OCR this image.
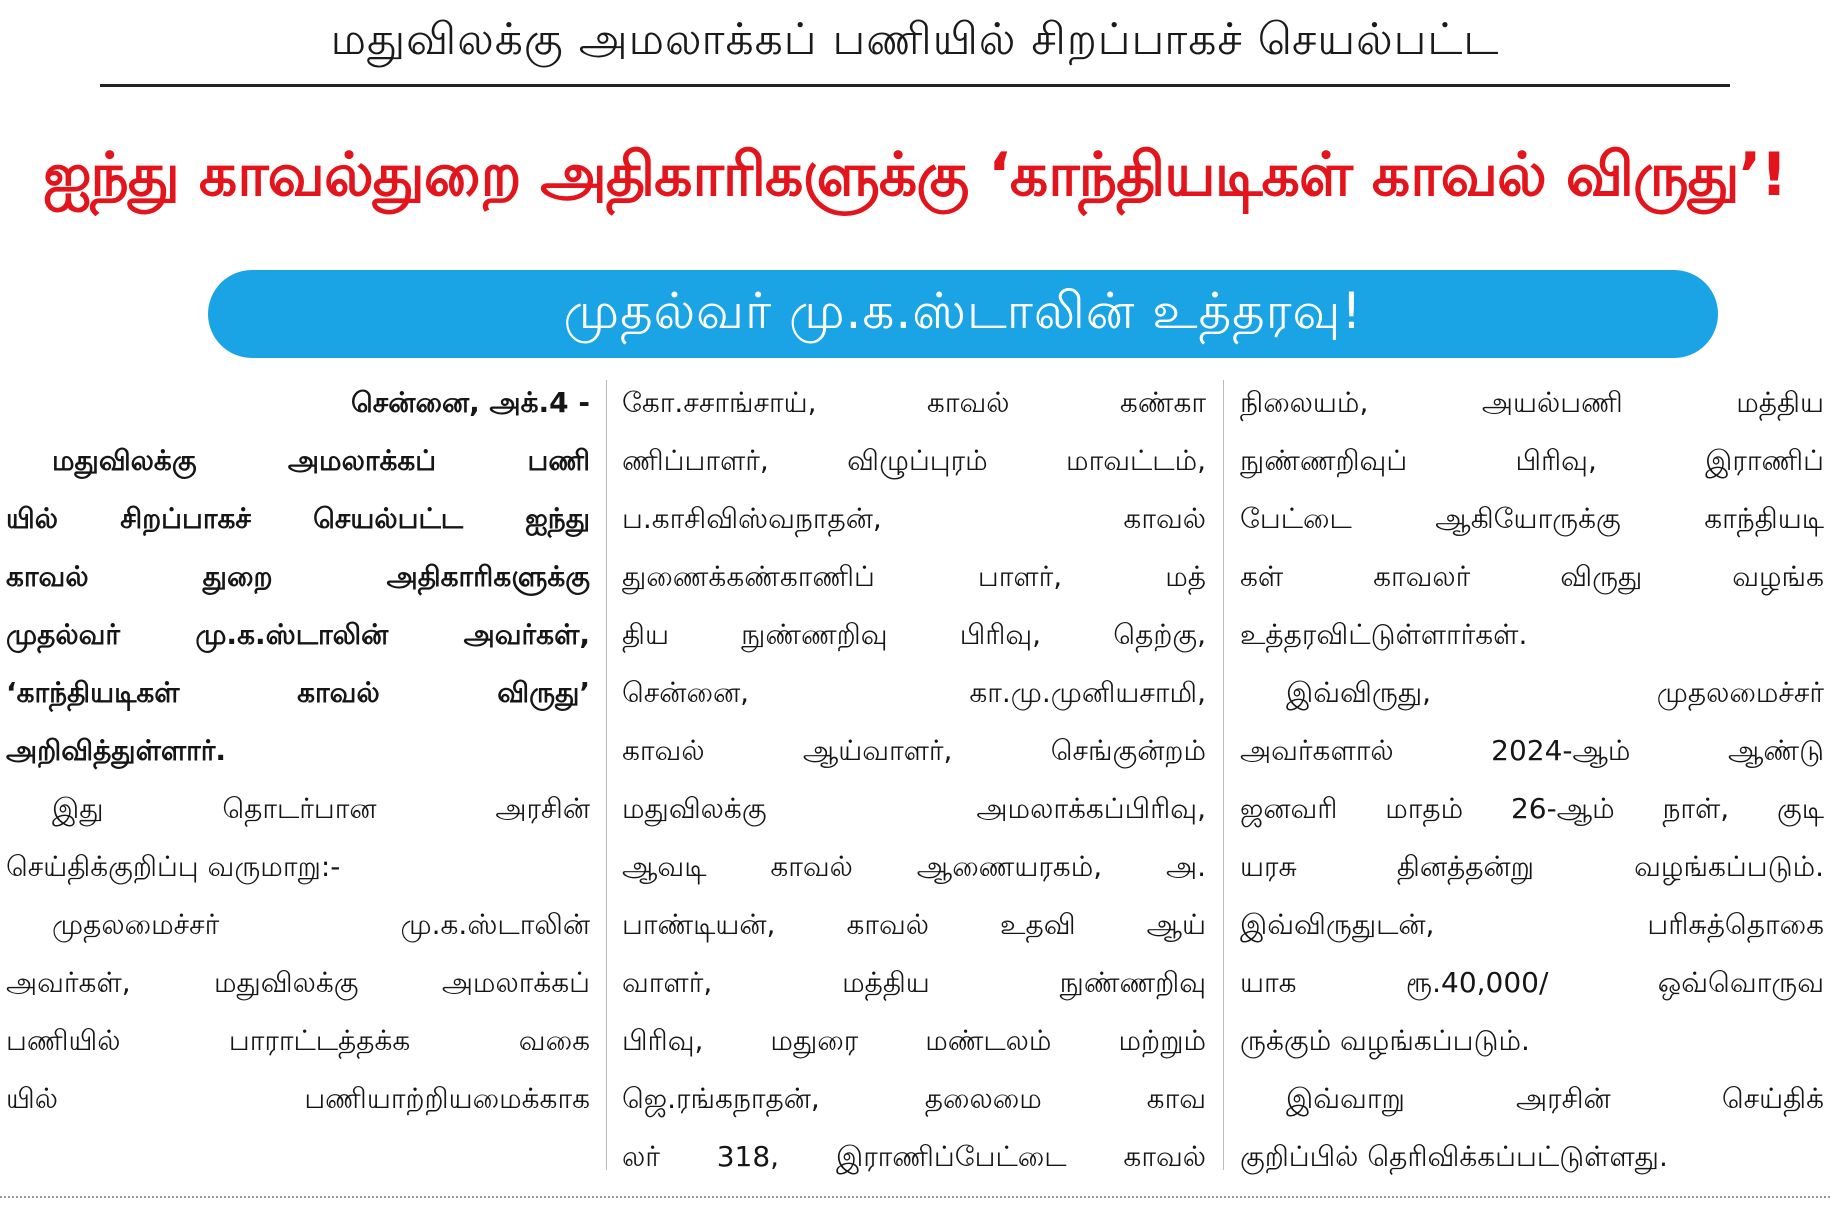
மதுவிலக்கு அமலாக்கப் பணியில் சிறப்பாகச் செயல்பட்ட
ஐந்து காவல்துறை அதிகாரிகளுக்கு ‘காந்தியடிகள் காவல் விருது’!
முதல்வர் மு.க.ஸ்டாலின் உத்தரவு!
சென்னை, அக்.4 -
மதுவிலக்கு அமலாக்கப் பணி
யில் சிறப்பாகச் செயல்பட்ட ஐந்து
காவல் துறை அதிகாரிகளுக்கு
முதல்வர் மு.க.ஸ்டாலின் அவர்கள்,
‘காந்தியடிகள் காவல் விருது’
அறிவித்துள்ளார்.
இது தொடர்பான அரசின்
செய்திக்குறிப்பு வருமாறு:-
முதலமைச்சர் மு.க.ஸ்டாலின்
அவர்கள், மதுவிலக்கு அமலாக்கப்
பணியில் பாராட்டத்தக்க வகை
யில் பணியாற்றியமைக்காக
கோ.சசாங்சாய், காவல் கண்கா
ணிப்பாளர், விழுப்புரம் மாவட்டம்,
ப.காசிவிஸ்வநாதன், காவல்
துணைக்கண்காணிப் பாளர், மத்
திய நுண்ணறிவு பிரிவு, தெற்கு,
சென்னை, கா.மு.முனியசாமி,
காவல் ஆய்வாளர், செங்குன்றம்
மதுவிலக்கு அமலாக்கப்பிரிவு,
ஆவடி காவல் ஆணையரகம், அ.
பாண்டியன், காவல் உதவி ஆய்
வாளர், மத்திய நுண்ணறிவு
பிரிவு, மதுரை மண்டலம் மற்றும்
ஜெ.ரங்கநாதன், தலைமை காவ
லர் 318, இராணிப்பேட்டை காவல்
நிலையம், அயல்பணி மத்திய
நுண்ணறிவுப் பிரிவு, இராணிப்
பேட்டை ஆகியோருக்கு காந்தியடி
கள் காவலர் விருது வழங்க
உத்தரவிட்டுள்ளார்கள்.
இவ்விருது, முதலமைச்சர்
அவர்களால் 2024-ஆம் ஆண்டு
ஜனவரி மாதம் 26-ஆம் நாள், குடி
யரசு தினத்தன்று வழங்கப்படும்.
இவ்விருதுடன், பரிசுத்தொகை
யாக ரூ.40,000/ ஒவ்வொருவ
ருக்கும் வழங்கப்படும்.
இவ்வாறு அரசின் செய்திக்
குறிப்பில் தெரிவிக்கப்பட்டுள்ளது.
